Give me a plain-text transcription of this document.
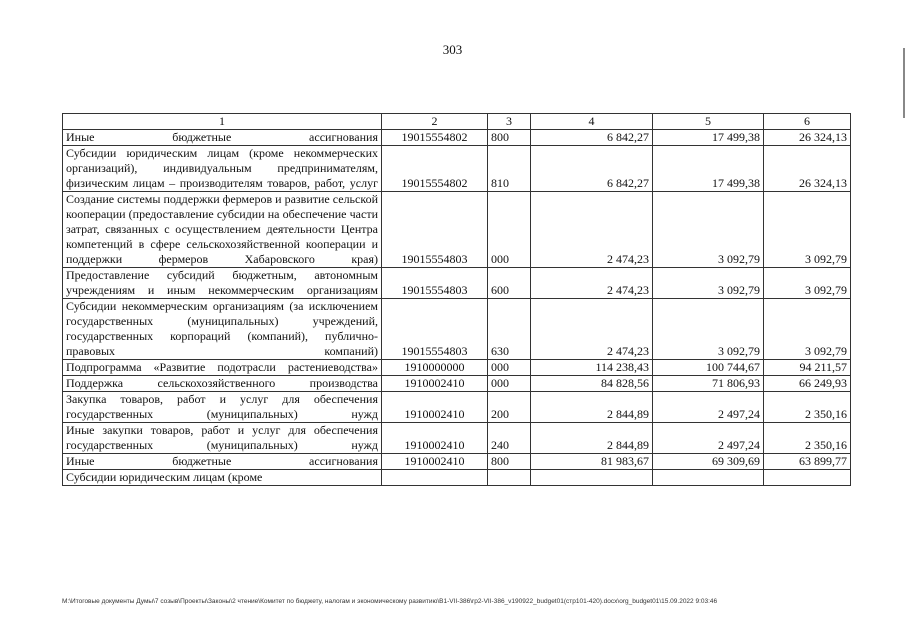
303
1	2	3	4	5	6
Иные бюджетные ассигнования	19015554802	800	6 842,27	17 499,38	26 324,13
Субсидии юридическим лицам (кроме некоммерческих организаций), индивидуальным предпринимателям, физическим лицам – производителям товаров, работ, услуг	19015554802	810	6 842,27	17 499,38	26 324,13
Создание системы поддержки фермеров и развитие сельской кооперации (предоставление субсидии на обеспечение части затрат, связанных с осуществлением деятельности Центра компетенций в сфере сельскохозяйственной кооперации и поддержки фермеров Хабаровского края)	19015554803	000	2 474,23	3 092,79	3 092,79
Предоставление субсидий бюджетным, автономным учреждениям и иным некоммерческим организациям	19015554803	600	2 474,23	3 092,79	3 092,79
Субсидии некоммерческим организациям (за исключением государственных (муниципальных) учреждений, государственных корпораций (компаний), публично-правовых компаний)	19015554803	630	2 474,23	3 092,79	3 092,79
Подпрограмма «Развитие подотрасли растениеводства»	1910000000	000	114 238,43	100 744,67	94 211,57
Поддержка сельскохозяйственного производства	1910002410	000	84 828,56	71 806,93	66 249,93
Закупка товаров, работ и услуг для обеспечения государственных (муниципальных) нужд	1910002410	200	2 844,89	2 497,24	2 350,16
Иные закупки товаров, работ и услуг для обеспечения государственных (муниципальных) нужд	1910002410	240	2 844,89	2 497,24	2 350,16
Иные бюджетные ассигнования	1910002410	800	81 983,67	69 309,69	63 899,77
Субсидии юридическим лицам (кроме					
M:\Итоговые документы Думы\7 созыв\Проекты\Законы\2 чтение\Комитет по бюджету, налогам и экономическому развитию\B1-VII-386\rp2-VII-386_v190922_budget01(стр101-420).docx\org_budget01\15.09.2022 9:03:46
